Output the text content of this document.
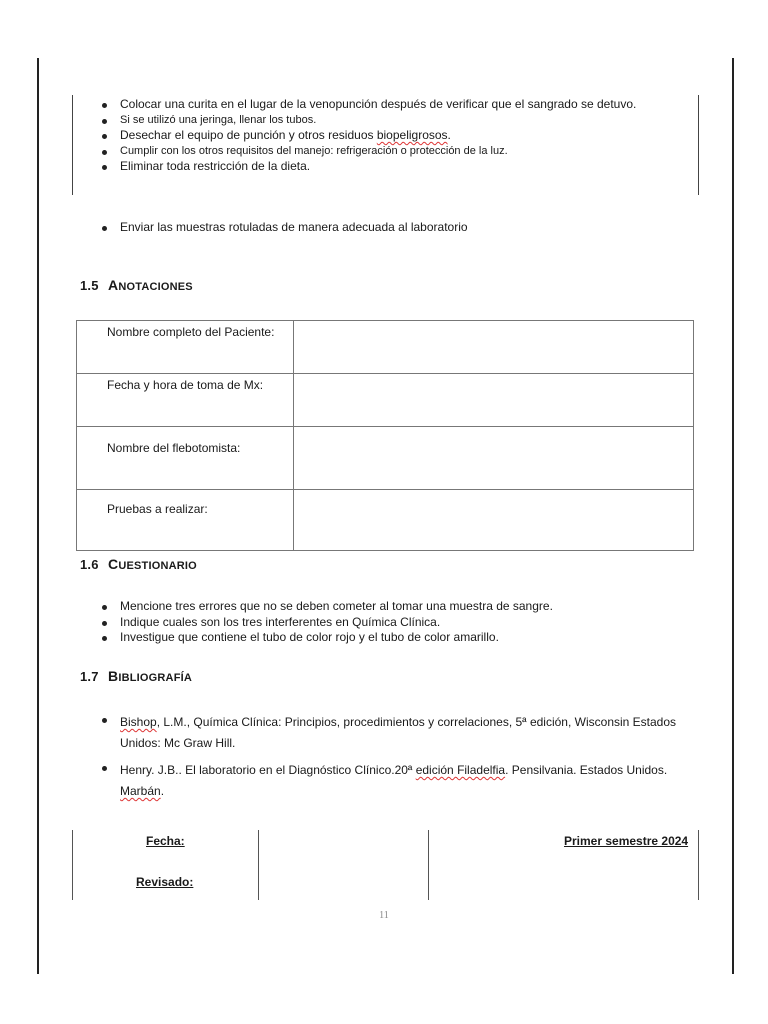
Colocar una curita en el lugar de la venopunción después de verificar que el sangrado se detuvo.
Si se utilizó una jeringa, llenar los tubos.
Desechar el equipo de punción y otros residuos biopeligrosos.
Cumplir con los otros requisitos del manejo: refrigeración o protección de la luz.
Eliminar toda restricción de la dieta.
Enviar las muestras rotuladas de manera adecuada al laboratorio
1.5 ANOTACIONES
Nombre completo del Paciente:	
Fecha y hora de toma de Mx:	
Nombre del flebotomista:	
Pruebas a realizar:	
1.6 CUESTIONARIO
Mencione tres errores que no se deben cometer al tomar una muestra de sangre.
Indique cuales son los tres interferentes en Química Clínica.
Investigue que contiene el tubo de color rojo y el tubo de color amarillo.
1.7 BIBLIOGRAFÍA
Bishop, L.M., Química Clínica: Principios, procedimientos y correlaciones, 5ª edición, Wisconsin Estados Unidos: Mc Graw Hill.
Henry. J.B.. El laboratorio en el Diagnóstico Clínico.20ª edición Filadelfia. Pensilvania. Estados Unidos. Marbán.
Fecha:	Primer semestre 2024
Revisado:
11
